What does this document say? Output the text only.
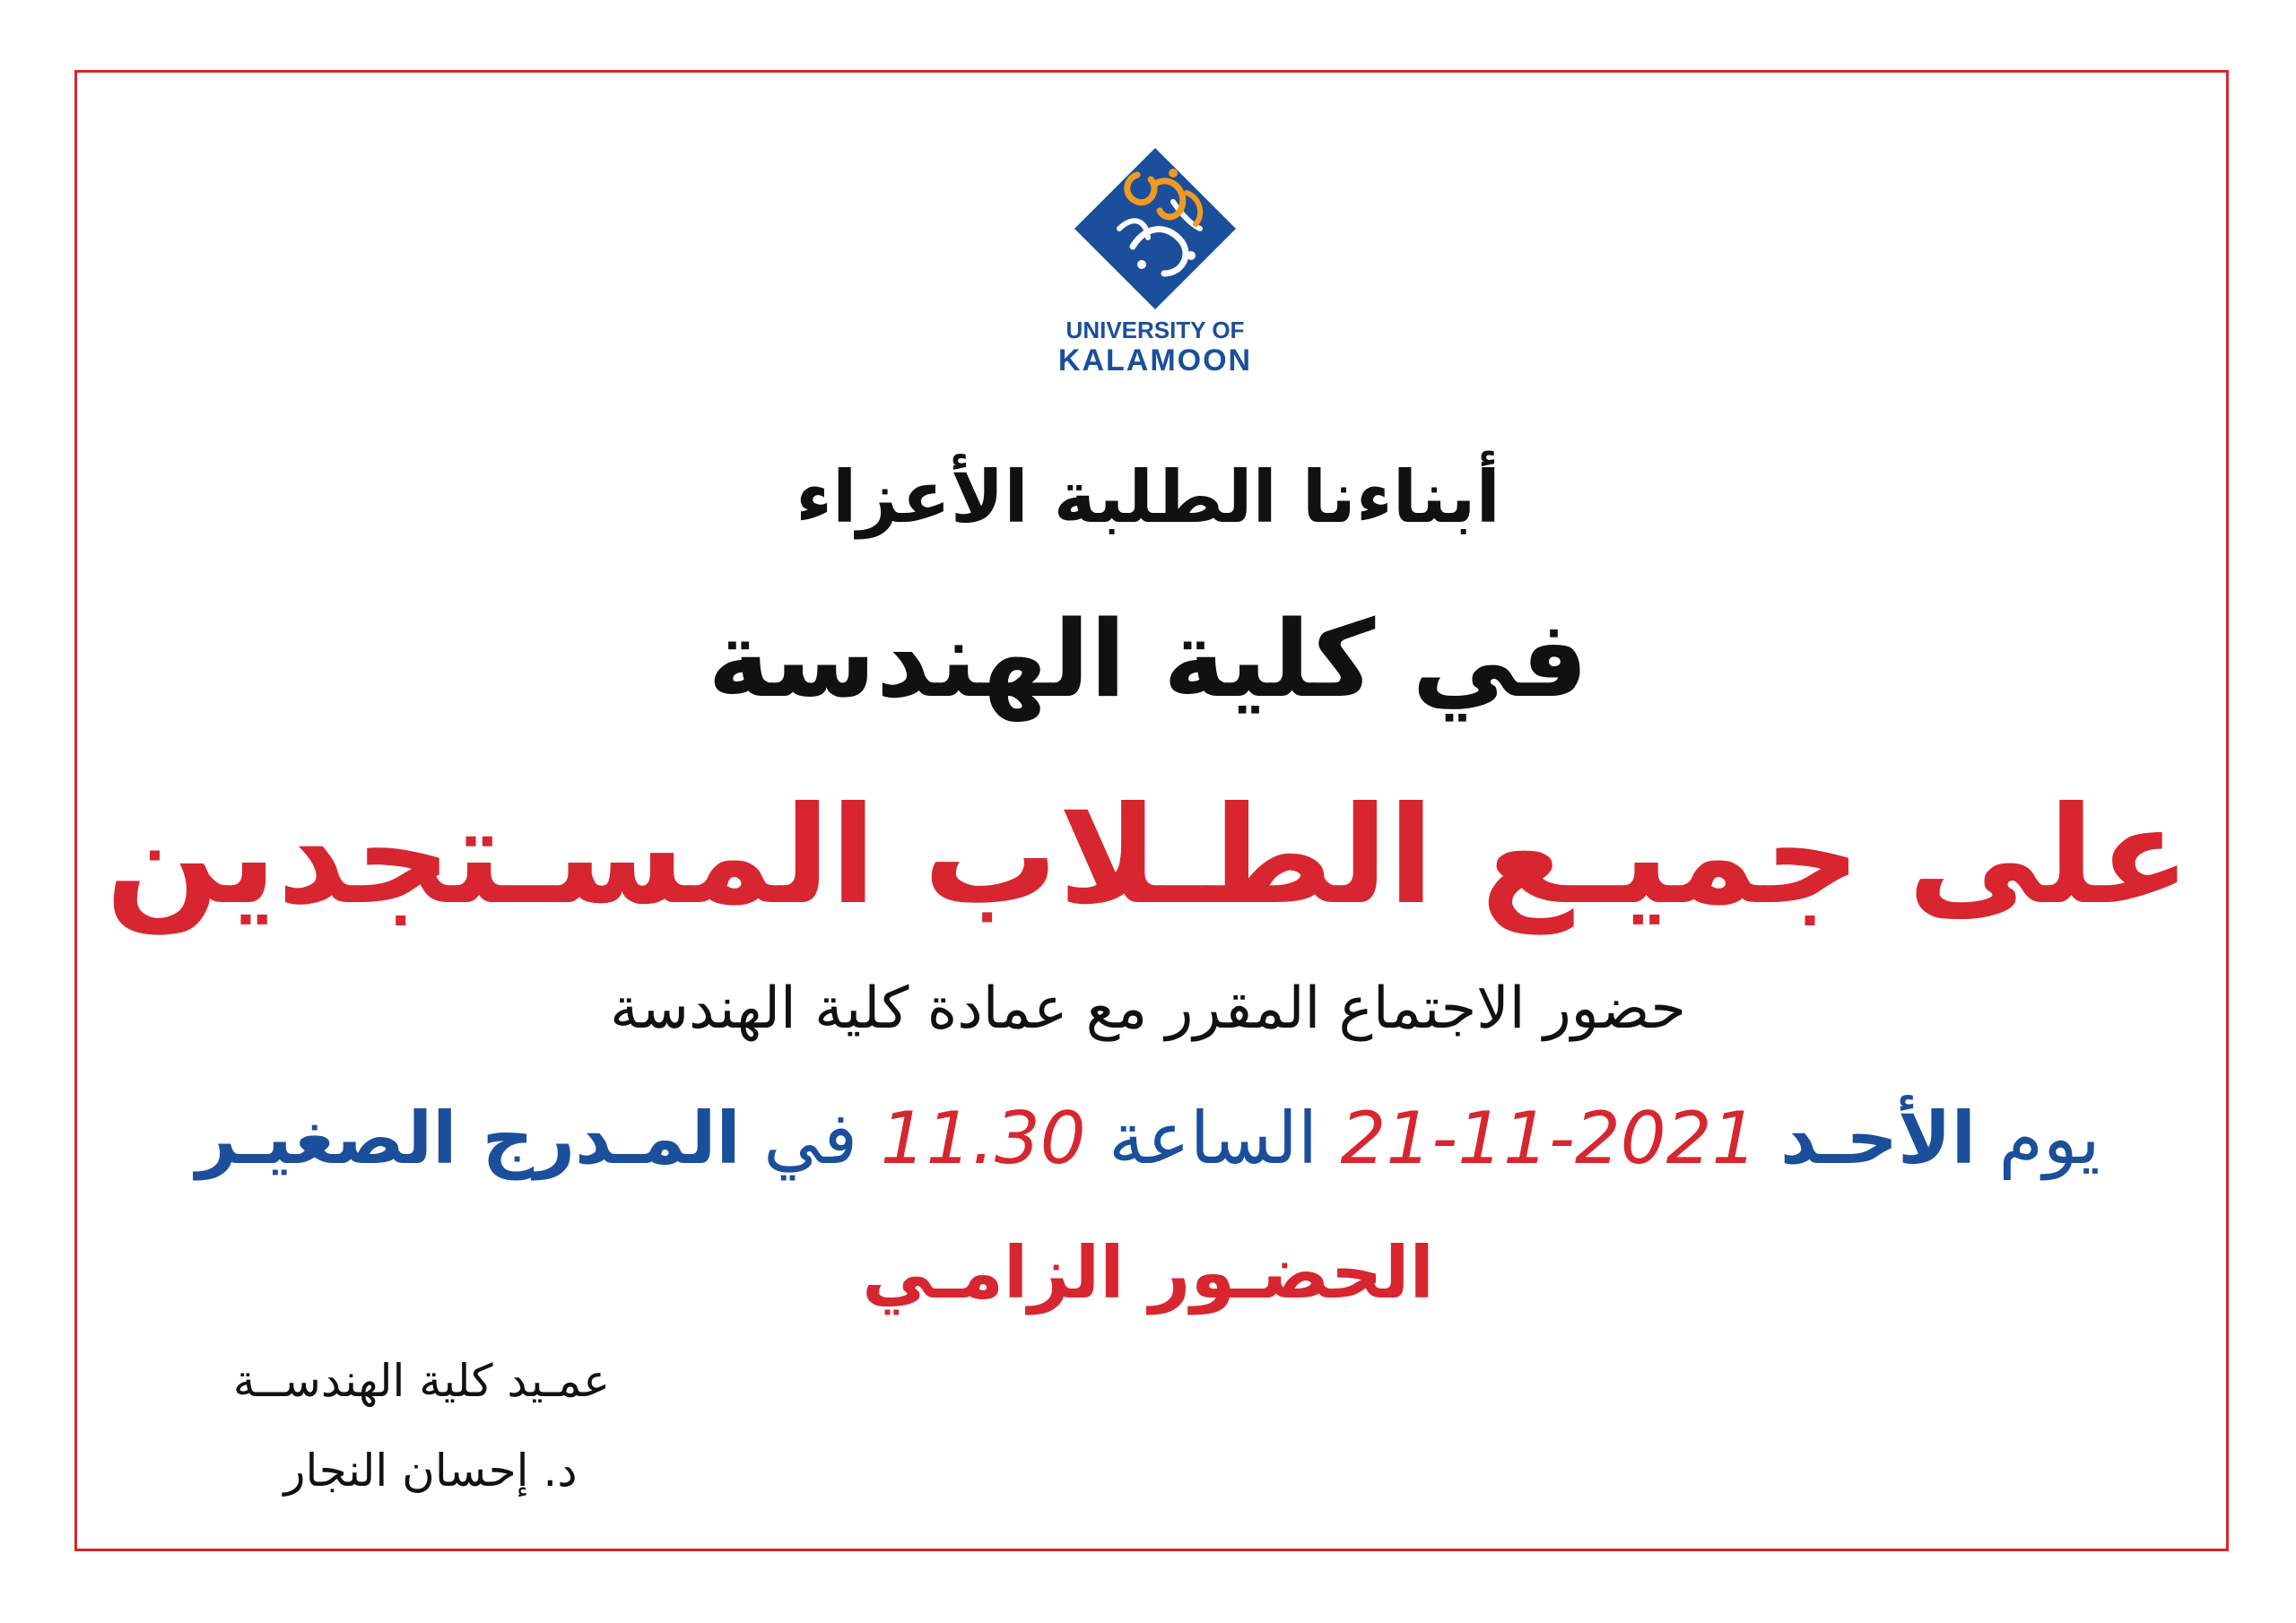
UNIVERSITY OF
KALAMOON
أبناءنا الطلبة الأعزاء
في كلية الهندسة
على جميـع الطـلاب المسـتجدين
حضور الاجتماع المقرر مع عمادة كلية الهندسة
يوم الأحـد 21-11-2021 الساعة 11.30 في المـدرج الصغيـر
الحضـور الزامـي
عمـيد كلية الهندســة
د. إحسان النجار
